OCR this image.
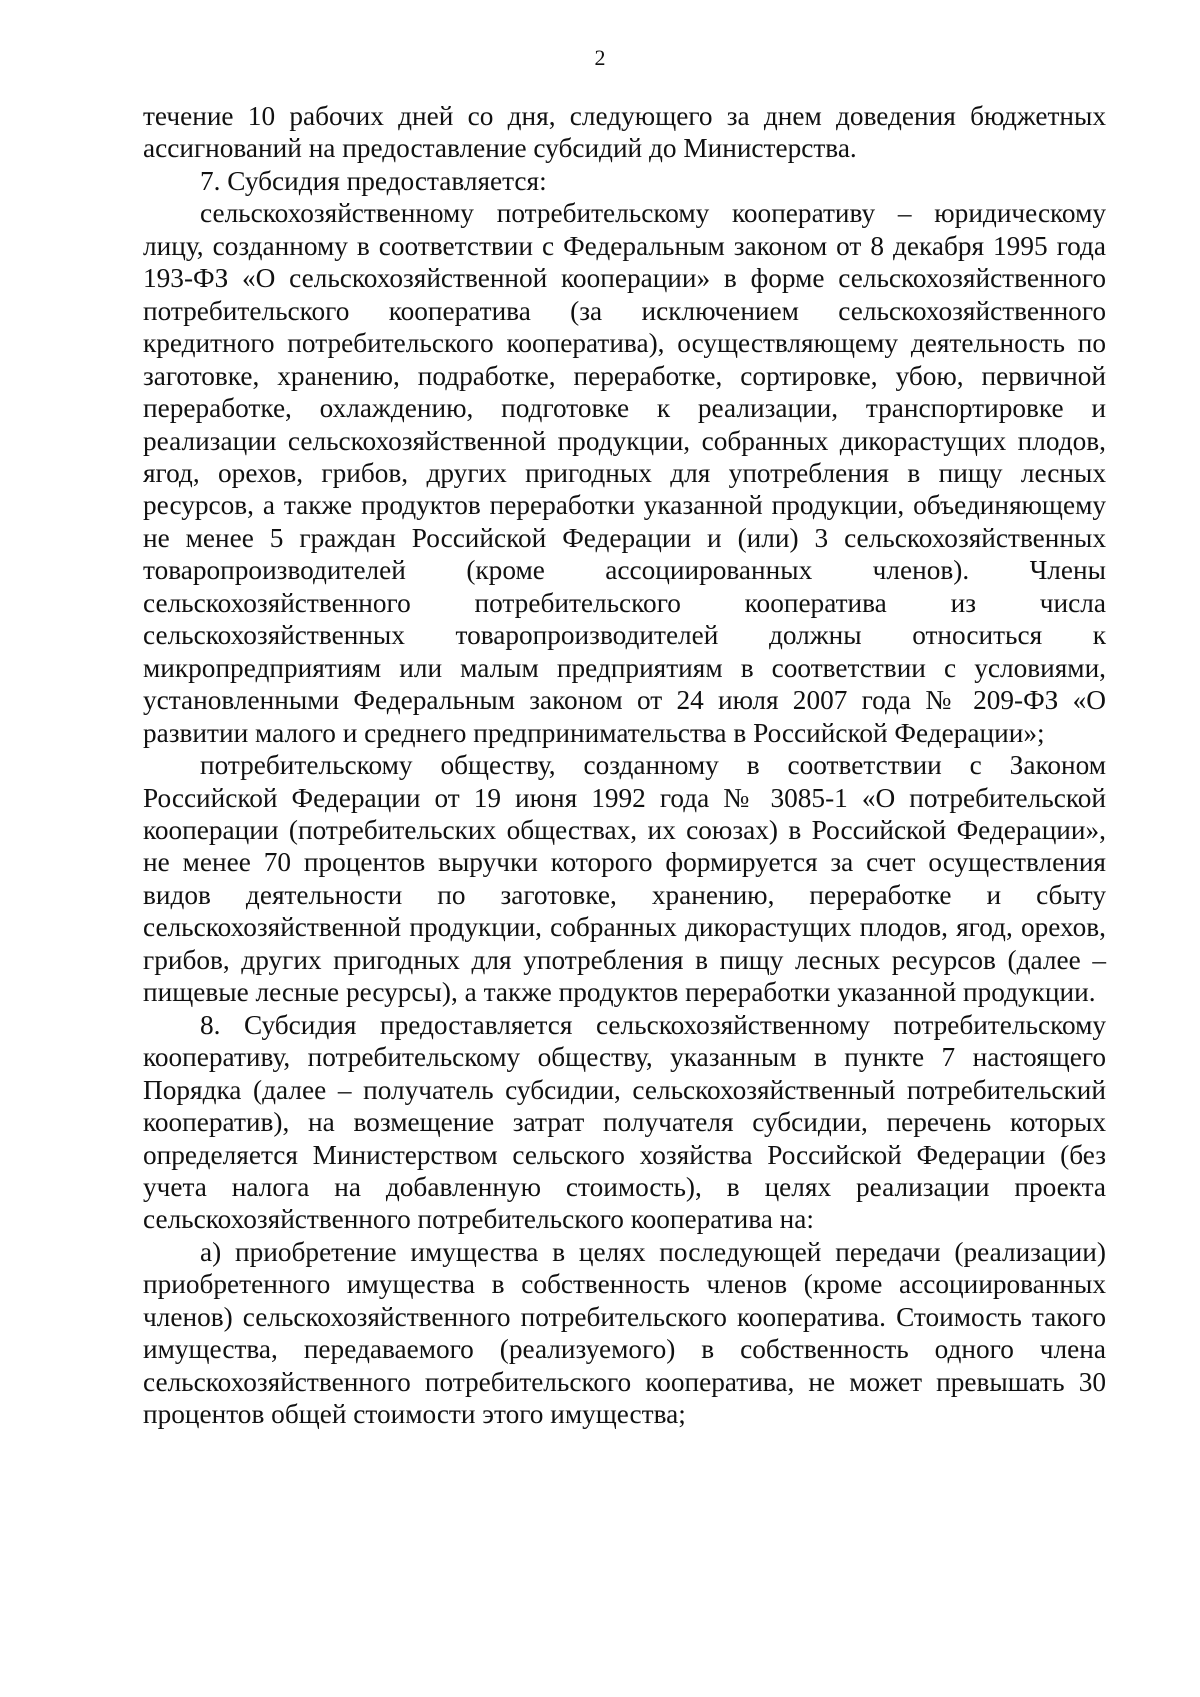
2

течение 10 рабочих дней со дня, следующего за днем доведения бюджетных ассигнований на предоставление субсидий до Министерства.

7. Субсидия предоставляется:

сельскохозяйственному потребительскому кооперативу – юридическому лицу, созданному в соответствии с Федеральным законом от 8 декабря 1995 года 193-ФЗ «О сельскохозяйственной кооперации» в форме сельскохозяйственного потребительского кооператива (за исключением сельскохозяйственного кредитного потребительского кооператива), осуществляющему деятельность по заготовке, хранению, подработке, переработке, сортировке, убою, первичной переработке, охлаждению, подготовке к реализации, транспортировке и реализации сельскохозяйственной продукции, собранных дикорастущих плодов, ягод, орехов, грибов, других пригодных для употребления в пищу лесных ресурсов, а также продуктов переработки указанной продукции, объединяющему не менее 5 граждан Российской Федерации и (или) 3 сельскохозяйственных товаропроизводителей (кроме ассоциированных членов). Члены сельскохозяйственного потребительского кооператива из числа сельскохозяйственных товаропроизводителей должны относиться к микропредприятиям или малым предприятиям в соответствии с условиями, установленными Федеральным законом от 24 июля 2007 года № 209-ФЗ «О развитии малого и среднего предпринимательства в Российской Федерации»;

потребительскому обществу, созданному в соответствии с Законом Российской Федерации от 19 июня 1992 года № 3085-1 «О потребительской кооперации (потребительских обществах, их союзах) в Российской Федерации», не менее 70 процентов выручки которого формируется за счет осуществления видов деятельности по заготовке, хранению, переработке и сбыту сельскохозяйственной продукции, собранных дикорастущих плодов, ягод, орехов, грибов, других пригодных для употребления в пищу лесных ресурсов (далее – пищевые лесные ресурсы), а также продуктов переработки указанной продукции.

8. Субсидия предоставляется сельскохозяйственному потребительскому кооперативу, потребительскому обществу, указанным в пункте 7 настоящего Порядка (далее – получатель субсидии, сельскохозяйственный потребительский кооператив), на возмещение затрат получателя субсидии, перечень которых определяется Министерством сельского хозяйства Российской Федерации (без учета налога на добавленную стоимость), в целях реализации проекта сельскохозяйственного потребительского кооператива на:

а) приобретение имущества в целях последующей передачи (реализации) приобретенного имущества в собственность членов (кроме ассоциированных членов) сельскохозяйственного потребительского кооператива. Стоимость такого имущества, передаваемого (реализуемого) в собственность одного члена сельскохозяйственного потребительского кооператива, не может превышать 30 процентов общей стоимости этого имущества;
